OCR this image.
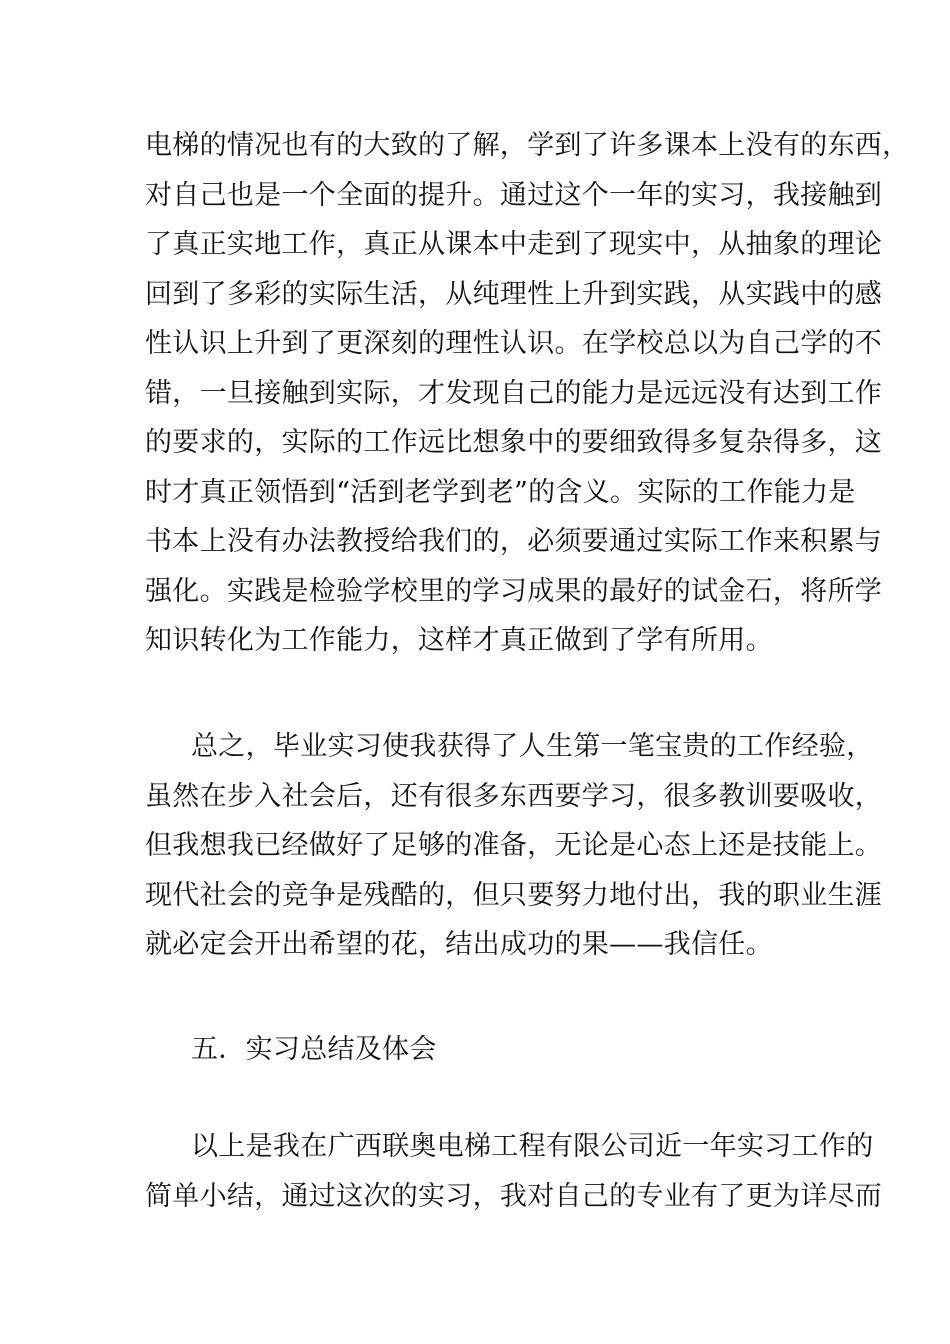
电梯的情况也有的大致的了解，学到了许多课本上没有的东西，
对自己也是一个全面的提升。通过这个一年的实习，我接触到
了真正实地工作，真正从课本中走到了现实中，从抽象的理论
回到了多彩的实际生活，从纯理性上升到实践，从实践中的感
性认识上升到了更深刻的理性认识。在学校总以为自己学的不
错，一旦接触到实际，才发现自己的能力是远远没有达到工作
的要求的，实际的工作远比想象中的要细致得多复杂得多，这
时才真正领悟到“活到老学到老”的含义。实际的工作能力是
书本上没有办法教授给我们的，必须要通过实际工作来积累与
强化。实践是检验学校里的学习成果的最好的试金石，将所学
知识转化为工作能力，这样才真正做到了学有所用。
总之，毕业实习使我获得了人生第一笔宝贵的工作经验，
虽然在步入社会后，还有很多东西要学习，很多教训要吸收，
但我想我已经做好了足够的准备，无论是心态上还是技能上。
现代社会的竞争是残酷的，但只要努力地付出，我的职业生涯
就必定会开出希望的花，结出成功的果——我信任。
五．实习总结及体会
以上是我在广西联奥电梯工程有限公司近一年实习工作的
简单小结，通过这次的实习，我对自己的专业有了更为详尽而
